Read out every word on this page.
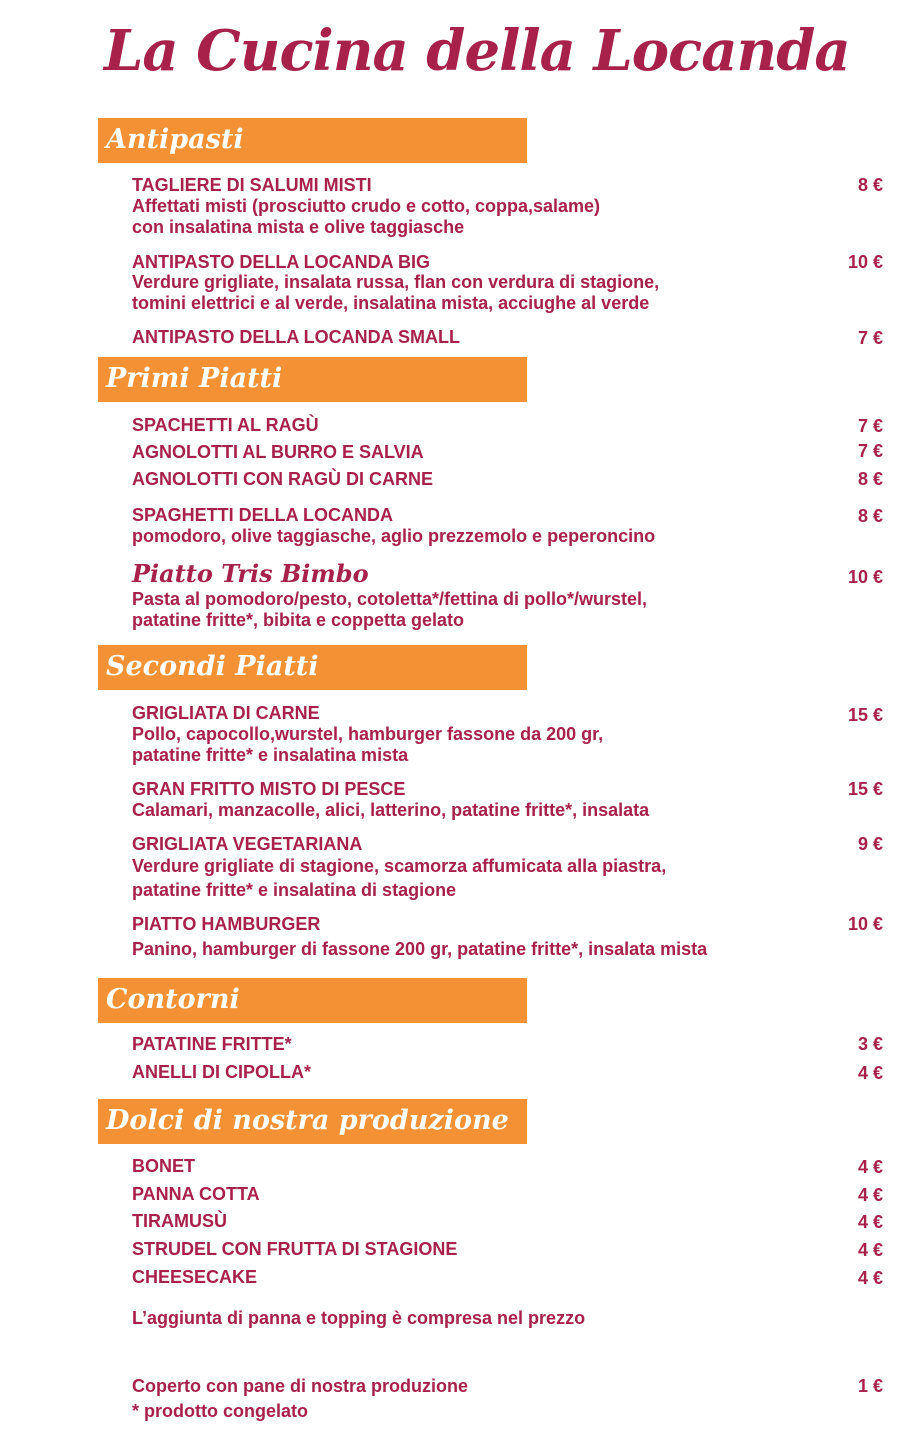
La Cucina della Locanda
Antipasti
TAGLIERE DI SALUMI MISTI	8 €
Affettati misti (prosciutto crudo e cotto, coppa,salame)
con insalatina mista e olive taggiasche
ANTIPASTO DELLA LOCANDA BIG	10 €
Verdure grigliate, insalata russa, flan con verdura di stagione,
tomini elettrici e al verde, insalatina mista, acciughe al verde
ANTIPASTO DELLA LOCANDA SMALL	7 €
Primi Piatti
SPACHETTI AL RAGÙ	7 €
AGNOLOTTI AL BURRO E SALVIA	7 €
AGNOLOTTI CON RAGÙ DI CARNE	8 €
SPAGHETTI DELLA LOCANDA	8 €
pomodoro, olive taggiasche, aglio prezzemolo e peperoncino
Piatto Tris Bimbo	10 €
Pasta al pomodoro/pesto, cotoletta*/fettina di pollo*/wurstel,
patatine fritte*, bibita e coppetta gelato
Secondi Piatti
GRIGLIATA DI CARNE	15 €
Pollo, capocollo,wurstel, hamburger fassone da 200 gr,
patatine fritte* e insalatina mista
GRAN FRITTO MISTO DI PESCE	15 €
Calamari, manzacolle, alici, latterino, patatine fritte*, insalata
GRIGLIATA VEGETARIANA	9 €
Verdure grigliate di stagione, scamorza affumicata alla piastra,
patatine fritte* e insalatina di stagione
PIATTO HAMBURGER	10 €
Panino, hamburger di fassone 200 gr, patatine fritte*, insalata mista
Contorni
PATATINE FRITTE*	3 €
ANELLI DI CIPOLLA*	4 €
Dolci di nostra produzione
BONET	4 €
PANNA COTTA	4 €
TIRAMUSÙ	4 €
STRUDEL CON FRUTTA DI STAGIONE	4 €
CHEESECAKE	4 €
L’aggiunta di panna e topping è compresa nel prezzo
Coperto con pane di nostra produzione	1 €
* prodotto congelato
